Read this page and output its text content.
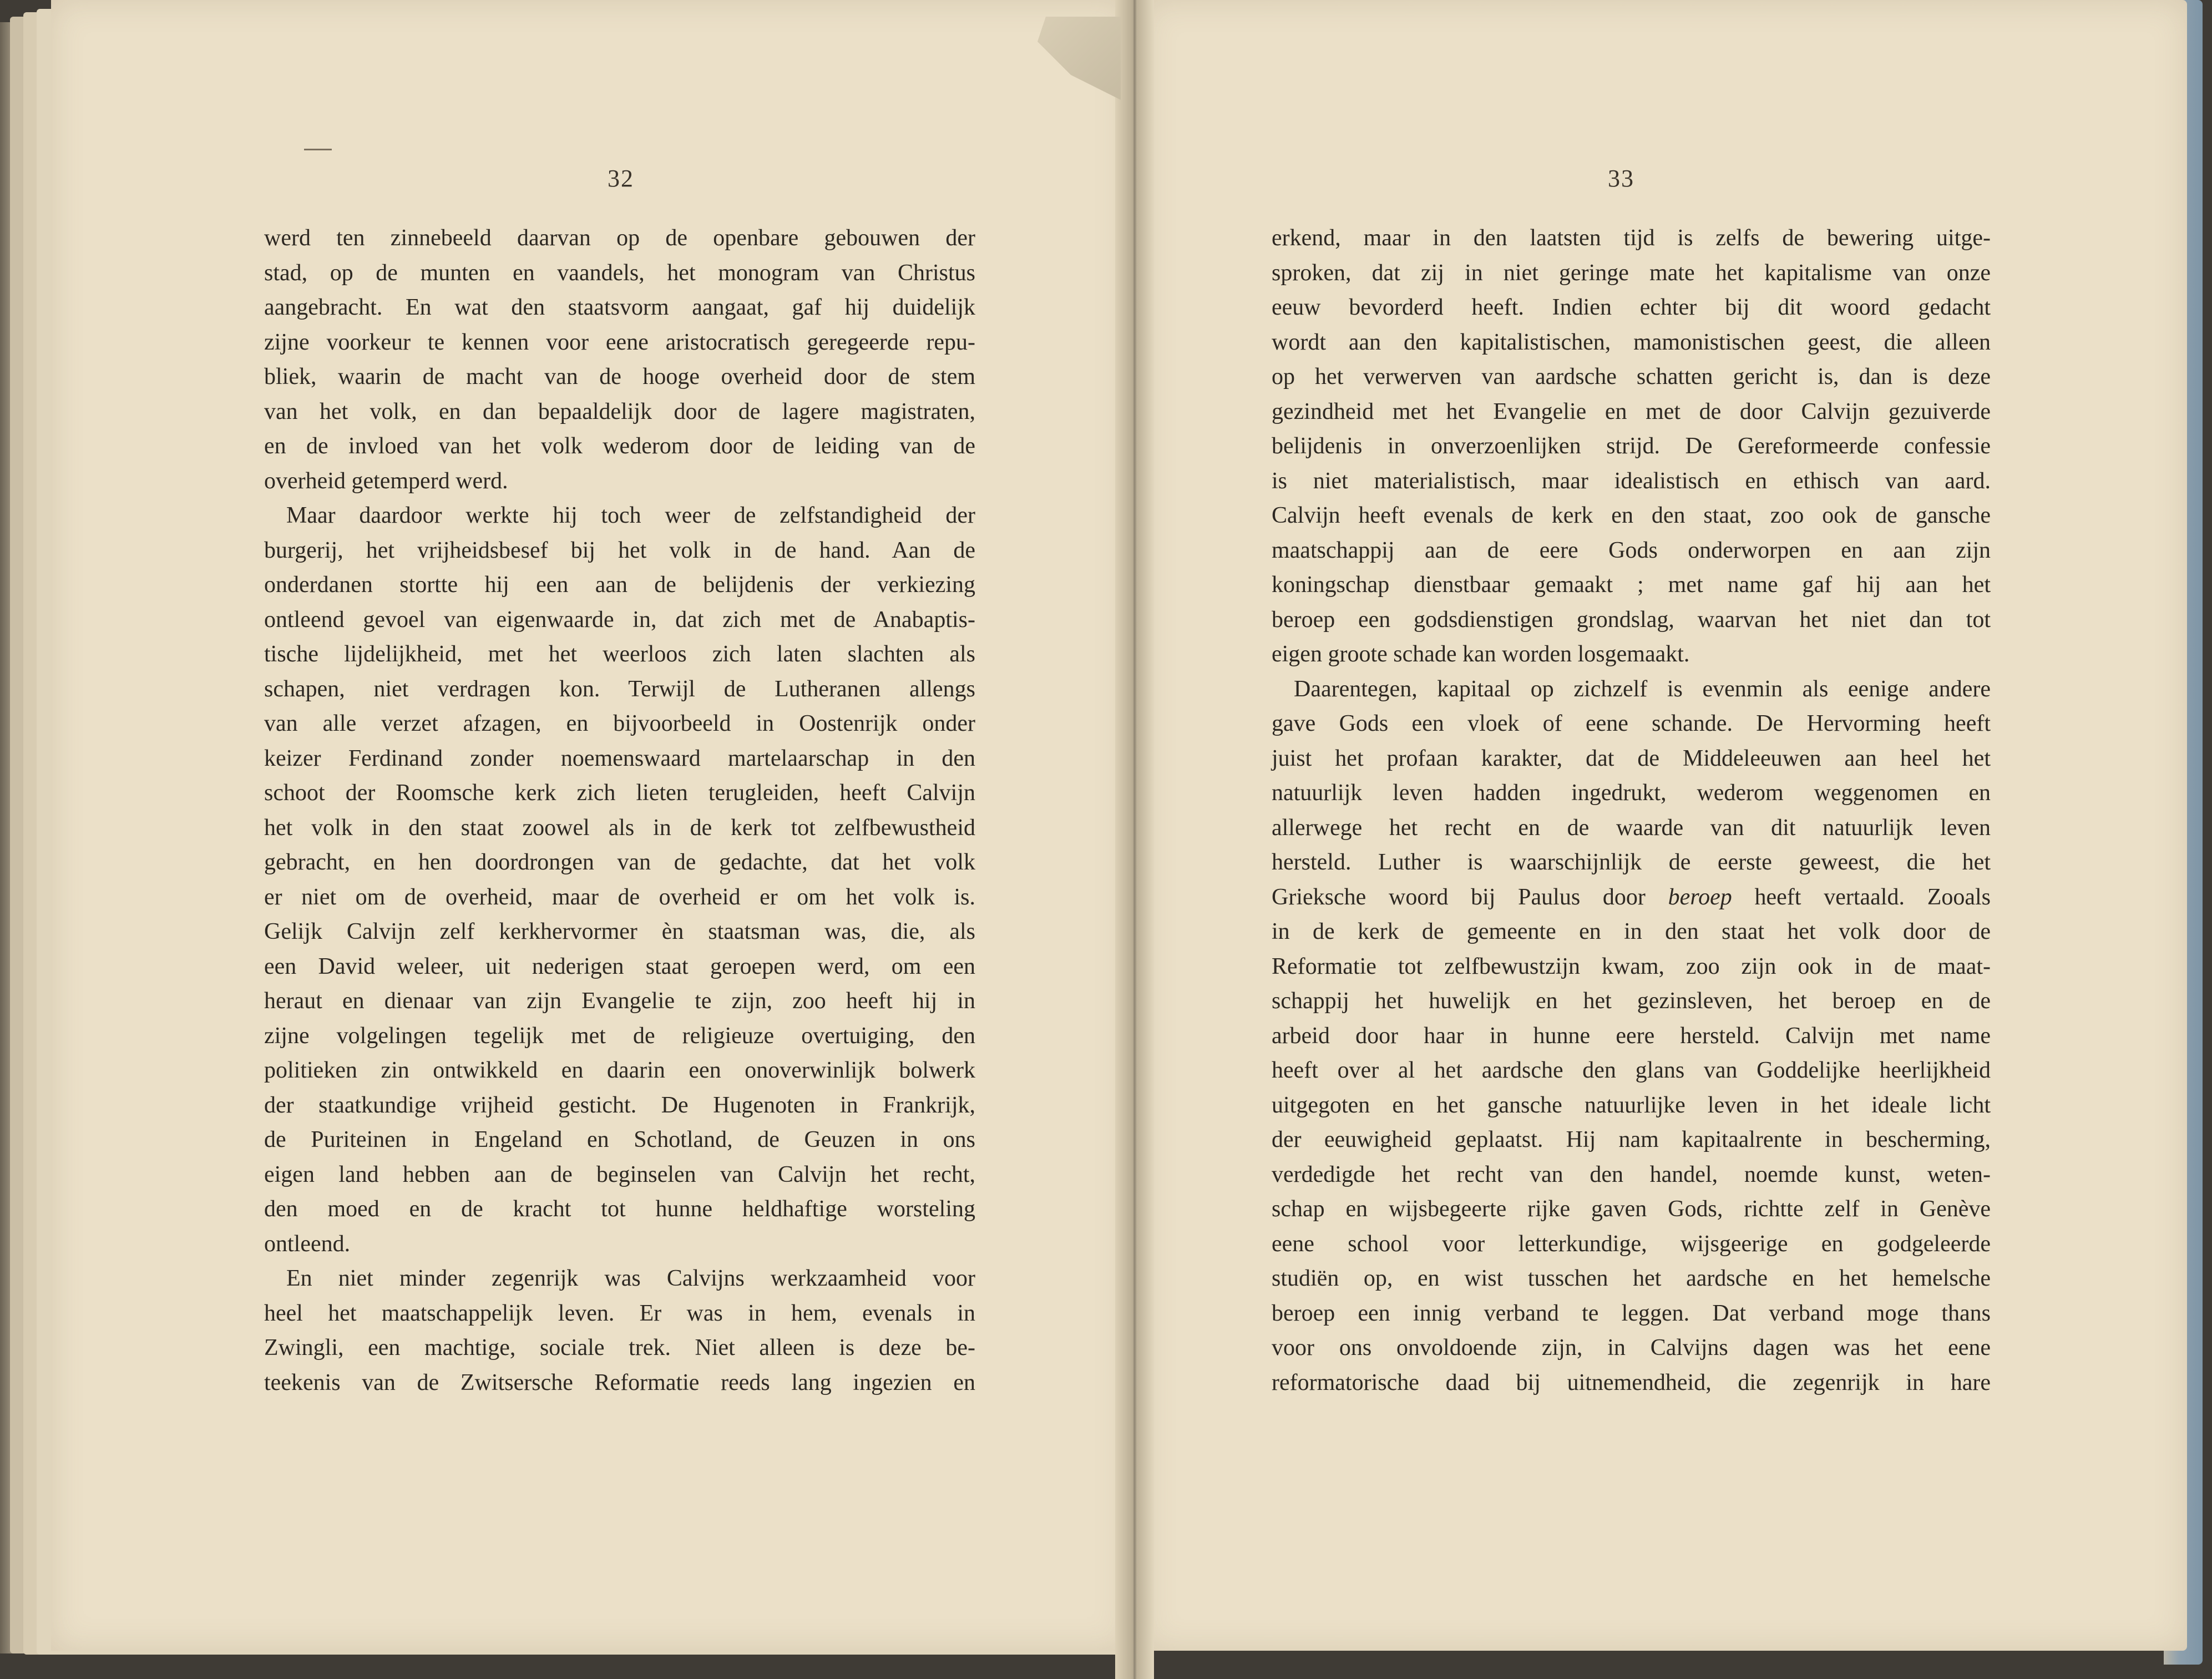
32	33
werd ten zinnebeeld daarvan op de openbare gebouwen der
stad, op de munten en vaandels, het monogram van Christus
aangebracht. En wat den staatsvorm aangaat, gaf hij duidelijk
zijne voorkeur te kennen voor eene aristocratisch geregeerde repu-
bliek, waarin de macht van de hooge overheid door de stem
van het volk, en dan bepaaldelijk door de lagere magistraten,
en de invloed van het volk wederom door de leiding van de
overheid getemperd werd.
Maar daardoor werkte hij toch weer de zelfstandigheid der
burgerij, het vrijheidsbesef bij het volk in de hand. Aan de
onderdanen stortte hij een aan de belijdenis der verkiezing
ontleend gevoel van eigenwaarde in, dat zich met de Anabaptis-
tische lijdelijkheid, met het weerloos zich laten slachten als
schapen, niet verdragen kon. Terwijl de Lutheranen allengs
van alle verzet afzagen, en bijvoorbeeld in Oostenrijk onder
keizer Ferdinand zonder noemenswaard martelaarschap in den
schoot der Roomsche kerk zich lieten terugleiden, heeft Calvijn
het volk in den staat zoowel als in de kerk tot zelfbewustheid
gebracht, en hen doordrongen van de gedachte, dat het volk
er niet om de overheid, maar de overheid er om het volk is.
Gelijk Calvijn zelf kerkhervormer èn staatsman was, die, als
een David weleer, uit nederigen staat geroepen werd, om een
heraut en dienaar van zijn Evangelie te zijn, zoo heeft hij in
zijne volgelingen tegelijk met de religieuze overtuiging, den
politieken zin ontwikkeld en daarin een onoverwinlijk bolwerk
der staatkundige vrijheid gesticht. De Hugenoten in Frankrijk,
de Puriteinen in Engeland en Schotland, de Geuzen in ons
eigen land hebben aan de beginselen van Calvijn het recht,
den moed en de kracht tot hunne heldhaftige worsteling
ontleend.
En niet minder zegenrijk was Calvijns werkzaamheid voor
heel het maatschappelijk leven. Er was in hem, evenals in
Zwingli, een machtige, sociale trek. Niet alleen is deze be-
teekenis van de Zwitsersche Reformatie reeds lang ingezien en
erkend, maar in den laatsten tijd is zelfs de bewering uitge-
sproken, dat zij in niet geringe mate het kapitalisme van onze
eeuw bevorderd heeft. Indien echter bij dit woord gedacht
wordt aan den kapitalistischen, mamonistischen geest, die alleen
op het verwerven van aardsche schatten gericht is, dan is deze
gezindheid met het Evangelie en met de door Calvijn gezuiverde
belijdenis in onverzoenlijken strijd. De Gereformeerde confessie
is niet materialistisch, maar idealistisch en ethisch van aard.
Calvijn heeft evenals de kerk en den staat, zoo ook de gansche
maatschappij aan de eere Gods onderworpen en aan zijn
koningschap dienstbaar gemaakt ; met name gaf hij aan het
beroep een godsdienstigen grondslag, waarvan het niet dan tot
eigen groote schade kan worden losgemaakt.
Daarentegen, kapitaal op zichzelf is evenmin als eenige andere
gave Gods een vloek of eene schande. De Hervorming heeft
juist het profaan karakter, dat de Middeleeuwen aan heel het
natuurlijk leven hadden ingedrukt, wederom weggenomen en
allerwege het recht en de waarde van dit natuurlijk leven
hersteld. Luther is waarschijnlijk de eerste geweest, die het
Grieksche woord bij Paulus door beroep heeft vertaald. Zooals
in de kerk de gemeente en in den staat het volk door de
Reformatie tot zelfbewustzijn kwam, zoo zijn ook in de maat-
schappij het huwelijk en het gezinsleven, het beroep en de
arbeid door haar in hunne eere hersteld. Calvijn met name
heeft over al het aardsche den glans van Goddelijke heerlijkheid
uitgegoten en het gansche natuurlijke leven in het ideale licht
der eeuwigheid geplaatst. Hij nam kapitaalrente in bescherming,
verdedigde het recht van den handel, noemde kunst, weten-
schap en wijsbegeerte rijke gaven Gods, richtte zelf in Genève
eene school voor letterkundige, wijsgeerige en godgeleerde
studiën op, en wist tusschen het aardsche en het hemelsche
beroep een innig verband te leggen. Dat verband moge thans
voor ons onvoldoende zijn, in Calvijns dagen was het eene
reformatorische daad bij uitnemendheid, die zegenrijk in hare
